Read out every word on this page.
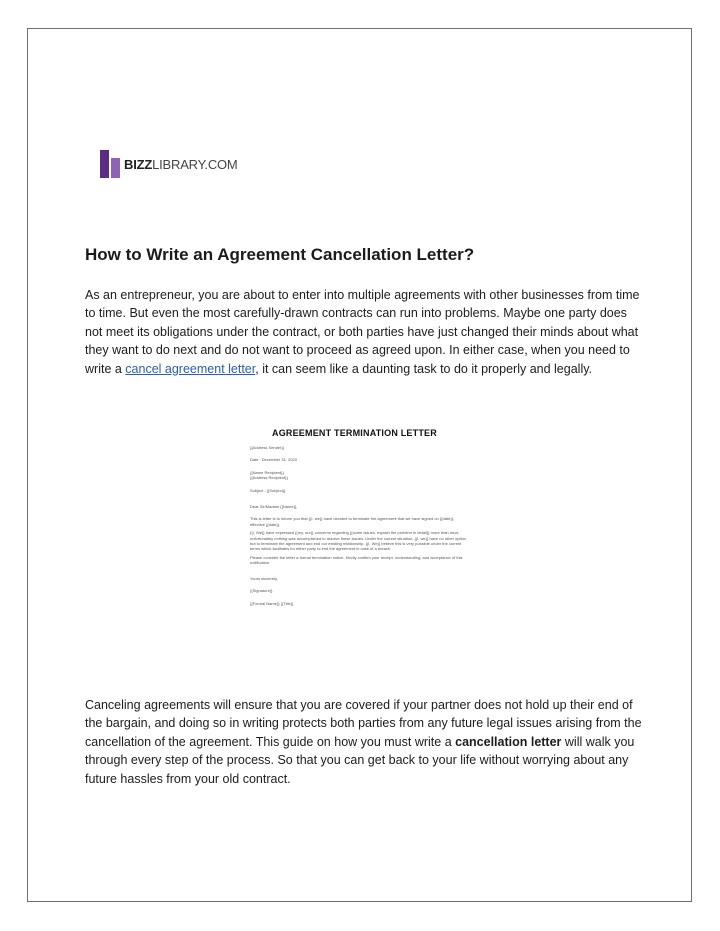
BIZZLIBRARY.COM
How to Write an Agreement Cancellation Letter?

As an entrepreneur, you are about to enter into multiple agreements with other businesses from time to time. But even the most carefully-drawn contracts can run into problems. Maybe one party does not meet its obligations under the contract, or both parties have just changed their minds about what they want to do next and do not want to proceed as agreed upon. In either case, when you need to write a cancel agreement letter, it can seem like a daunting task to do it properly and legally.

AGREEMENT TERMINATION LETTER
{{Address Sender}}
Date : December 31, 2020
{{Name Recipient}}
{{Address Recipient}}
Subject : {{Subject}}
Dear Sir/Madam {{Name}},
This is letter is to inform you that {{I, we}} have decided to terminate the agreement that we have signed on {{date}}, effective {{date}}.
{{I, We}} have expressed {{my, our}} concerns regarding {{some issues, explain the problem in detail}} more than once, unfortunately nothing was accomplished to resolve these issues. Under the current situation, {{I, we}} have no other option but to terminate the agreement and end our existing relationship. {{I, We}} believe this is very possible under the current terms which facilitates for either party to end the agreement in case of a breach.
Please consider the letter a formal termination notice. Kindly confirm your receipt, understanding, and acceptance of this notification.
Yours sincerely,
{{Signature}}
{{Formal Name}} {{Title}}

Canceling agreements will ensure that you are covered if your partner does not hold up their end of the bargain, and doing so in writing protects both parties from any future legal issues arising from the cancellation of the agreement. This guide on how you must write a cancellation letter will walk you through every step of the process. So that you can get back to your life without worrying about any future hassles from your old contract.
